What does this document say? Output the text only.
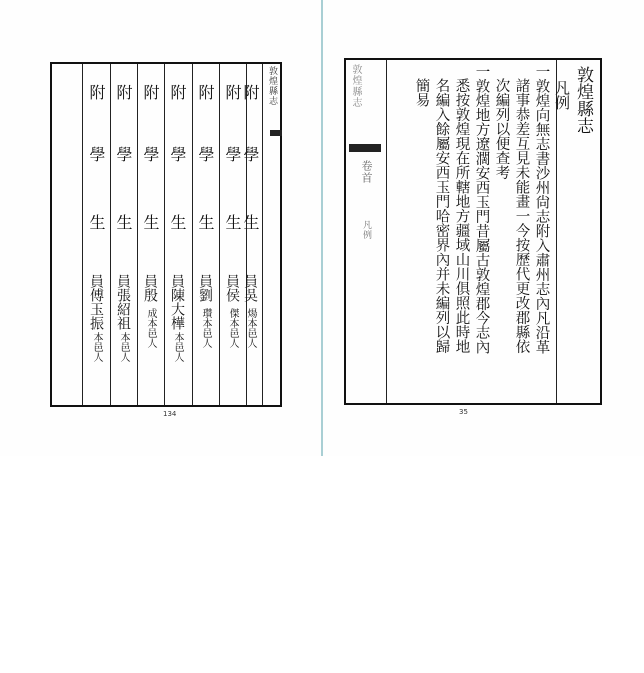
附
學
生
員吳
煬本邑人
附
學
生
員侯
傑本邑人
附
學
生
員劉
瓚本邑人
附
學
生
員陳大樺
本邑人
附
學
生
員殷
成本邑人
附
學
生
員張紹祖
本邑人
附
學
生
員傅玉振
本邑人
敦煌縣志
134
敦煌縣志
卷首
凡例
敦煌縣志
凡例
一敦煌向無志書沙州尙志附入肅州志內凡沿革
諸事恭差互見未能畫一今按歷代更改郡縣依
次編列以便查考
一敦煌地方遼濶安西玉門昔屬古敦煌郡今志內
悉按敦煌現在所轄地方疆域山川俱照此時地
名編入餘屬安西玉門哈密界內并未編列以歸
簡易
35
